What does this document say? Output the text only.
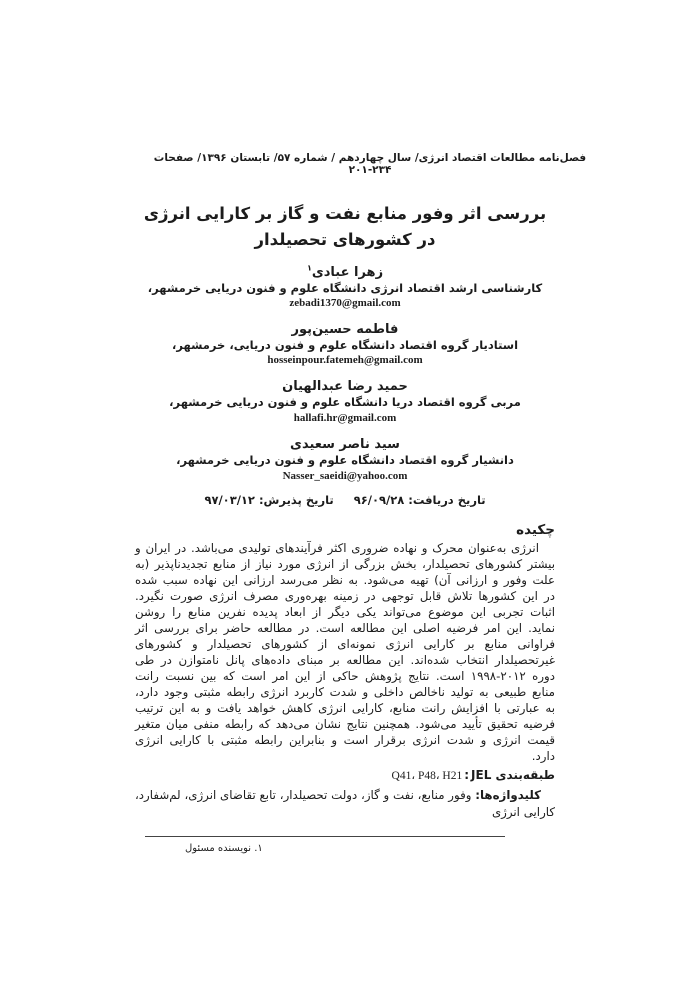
فصل‌نامه مطالعات اقتصاد انرژی/ سال چهاردهم / شماره ۵۷/ تابستان ۱۳۹۶/ صفحات ۲۳۴-۲۰۱
بررسی اثر وفور منابع نفت و گاز بر کارایی انرژی در کشورهای تحصیلدار
زهرا عبادی$^۱$
کارشناسی ارشد اقتصاد انرژی دانشگاه علوم و فنون دریایی خرمشهر،
zebadi1370@gmail.com
فاطمه حسین‌پور
استادیار گروه اقتصاد دانشگاه علوم و فنون دریایی، خرمشهر،
hosseinpour.fatemeh@gmail.com
حمید رضا عبدالهیان
مربی گروه اقتصاد دریا دانشگاه علوم و فنون دریایی خرمشهر، hallafi.hr@gmail.com
سید ناصر سعیدی
دانشیار گروه اقتصاد دانشگاه علوم و فنون دریایی خرمشهر، Nasser_saeidi@yahoo.com
تاریخ دریافت:
۹۶/۰۹/۲۸
تاریخ پذیرش:
۹۷/۰۳/۱۲
چکیده
انرژی به‌عنوان محرک و نهاده ضروری اکثر فرآیندهای تولیدی می‌باشد. در ایران و بیشتر کشورهای تحصیلدار، بخش بزرگی از انرژی مورد نیاز از منابع تجدیدناپذیر (به علت وفور و ارزانی آن) تهیه می‌شود. به نظر می‌رسد ارزانی این نهاده سبب شده در این کشورها تلاش قابل توجهی در زمینه بهره‌وری مصرف انرژی صورت نگیرد. اثبات تجربی این موضوع می‌تواند یکی دیگر از ابعاد پدیده نفرین منابع را روشن نماید. این امر فرضیه اصلی این مطالعه است. در مطالعه حاضر برای بررسی اثر فراوانی منابع بر کارایی انرژی نمونه‌ای از کشورهای تحصیلدار و کشورهای غیرتحصیلدار انتخاب شده‌اند. این مطالعه بر مبنای داده‌های پانل نامتوازن در طی دوره ۲۰۱۲-۱۹۹۸ است. نتایج پژوهش حاکی از این امر است که بین نسبت رانت منابع طبیعی به تولید ناخالص داخلی و شدت کاربرد انرژی رابطه مثبتی وجود دارد، به عبارتی با افزایش رانت منابع، کارایی انرژی کاهش خواهد یافت و به این ترتیب فرضیه تحقیق تأیید می‌شود. همچنین نتایج نشان می‌دهد که رابطه منفی میان متغیر قیمت انرژی و شدت انرژی برقرار است و بنابراین رابطه مثبتی با کارایی انرژی دارد.
طبقه‌بندی JEL
:
Q41، P48، H21
کلیدواژه‌ها: وفور منابع، نفت و گاز، دولت تحصیلدار، تابع تقاضای انرژی، لم‌شفارد، کارایی انرژی
۱. نویسنده مسئول
